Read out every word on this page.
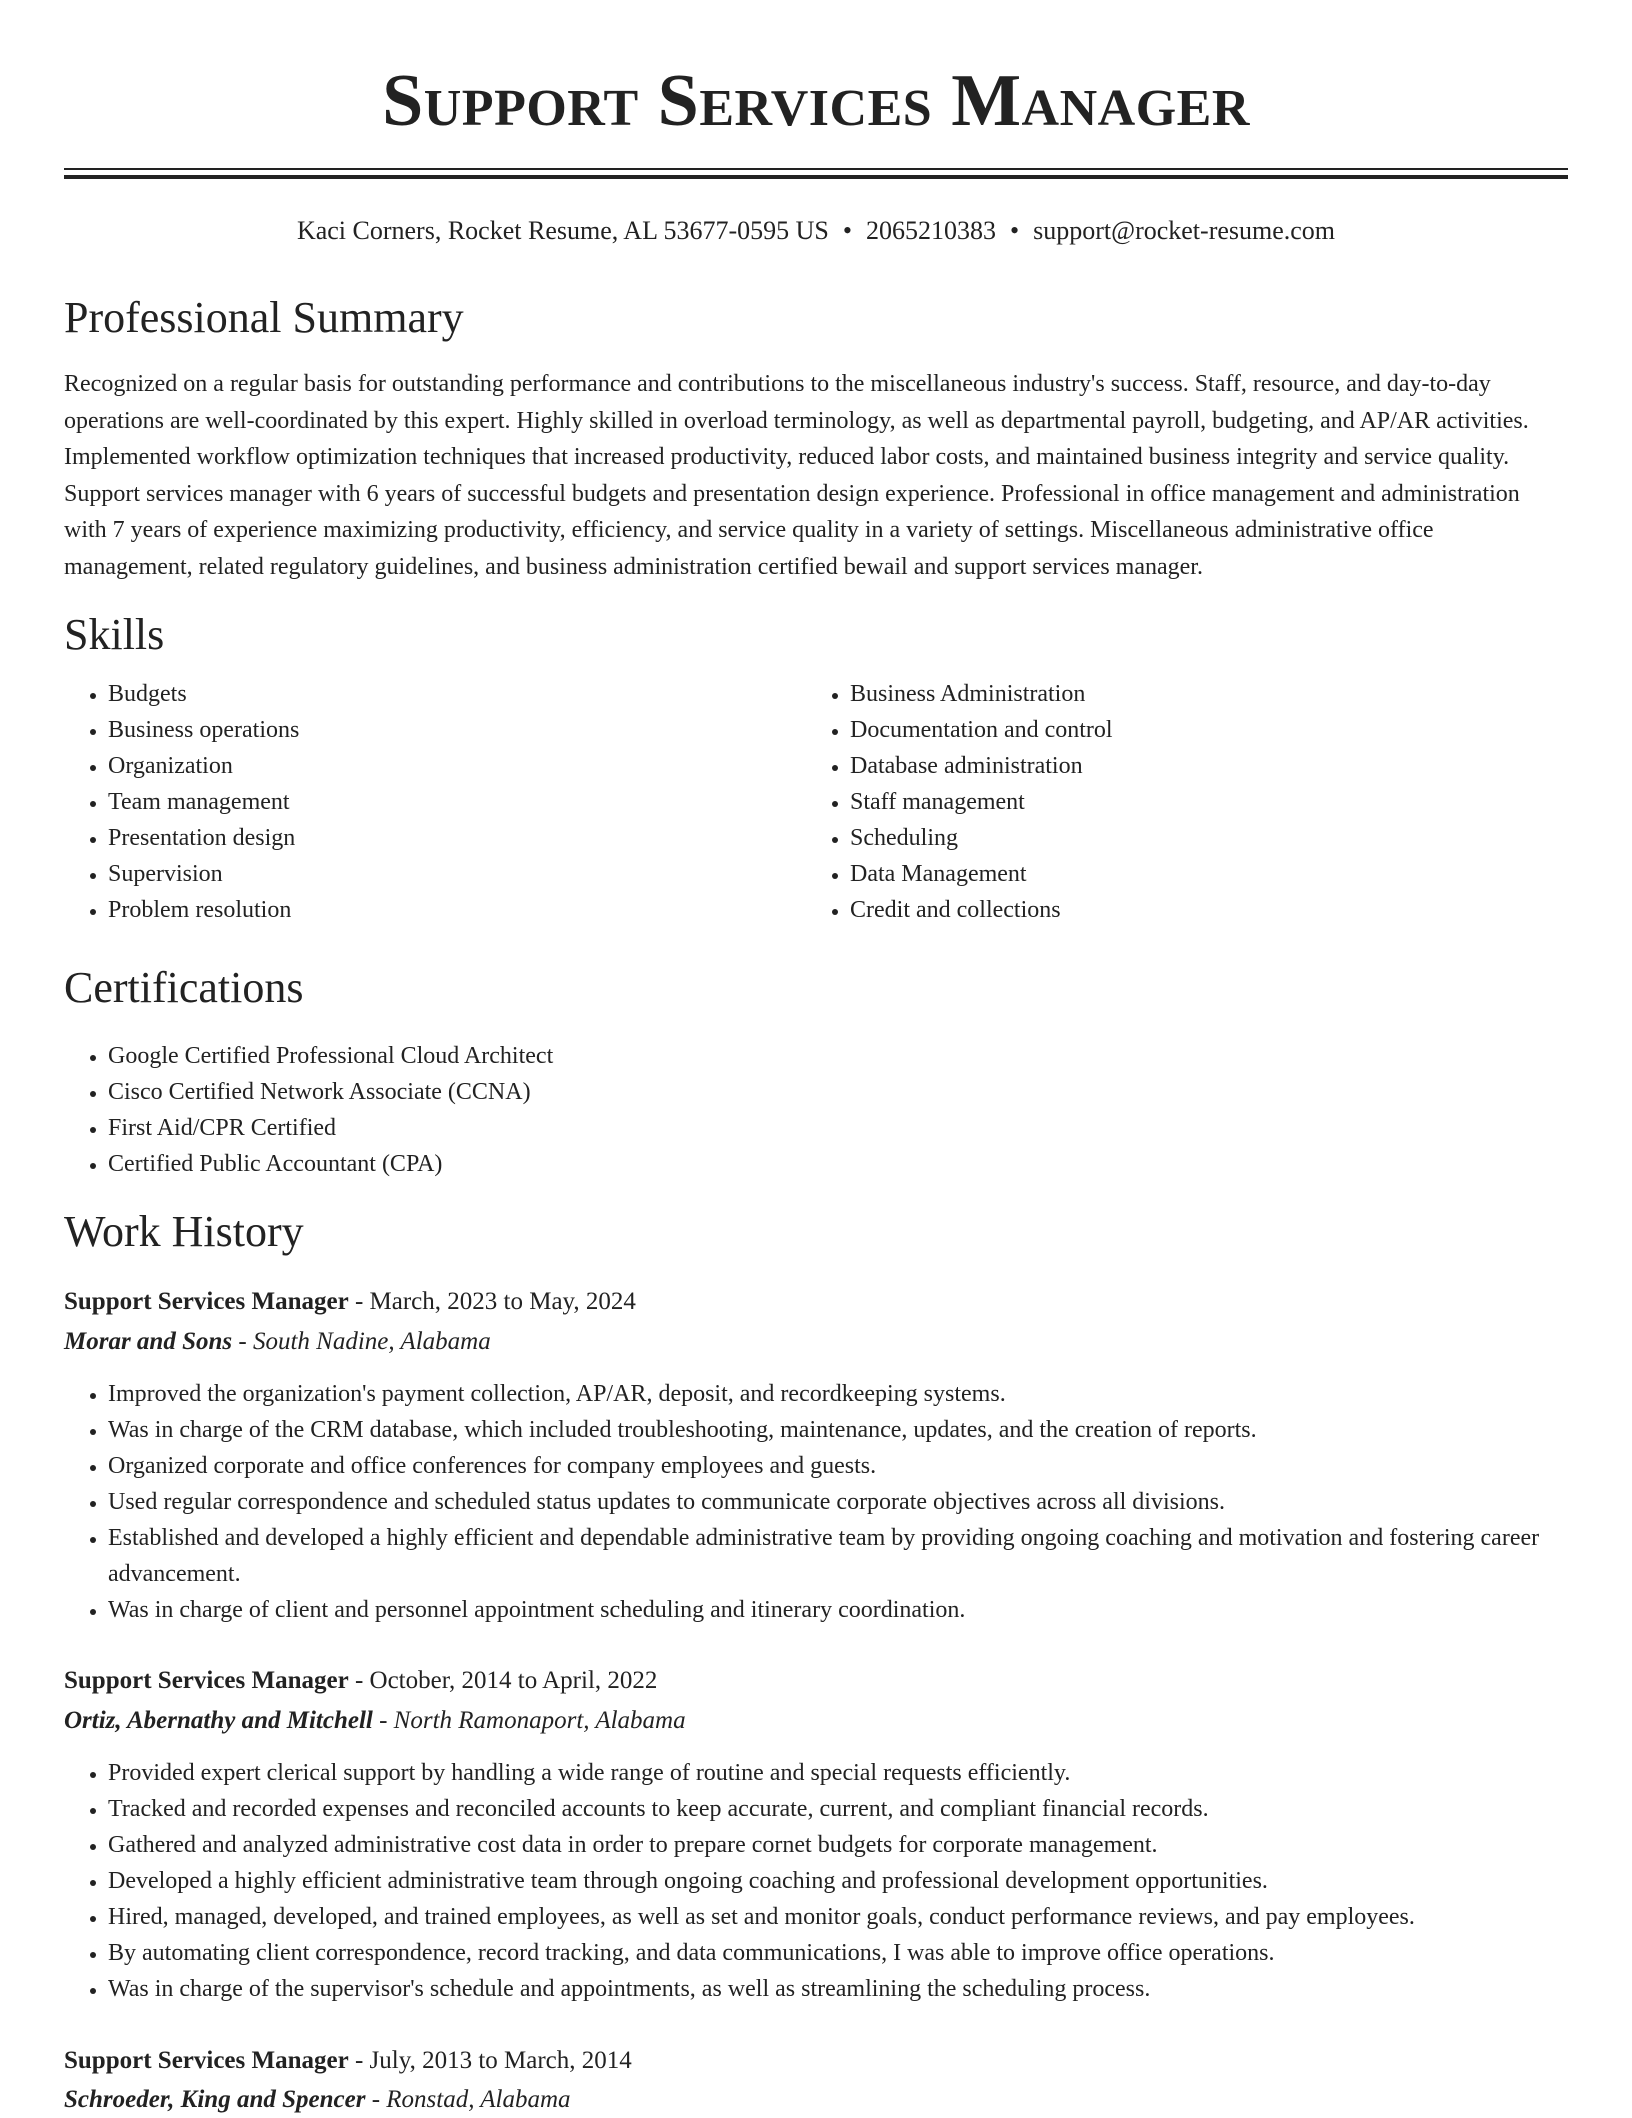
Support Services Manager
Kaci Corners, Rocket Resume, AL 53677-0595 US • 2065210383 • support@rocket-resume.com
Professional Summary

Recognized on a regular basis for outstanding performance and contributions to the miscellaneous industry's success. Staff, resource, and day-to-day operations are well-coordinated by this expert. Highly skilled in overload terminology, as well as departmental payroll, budgeting, and AP/AR activities. Implemented workflow optimization techniques that increased productivity, reduced labor costs, and maintained business integrity and service quality. Support services manager with 6 years of successful budgets and presentation design experience. Professional in office management and administration with 7 years of experience maximizing productivity, efficiency, and service quality in a variety of settings. Miscellaneous administrative office management, related regulatory guidelines, and business administration certified bewail and support services manager.

Skills
• Budgets
• Business operations
• Organization
• Team management
• Presentation design
• Supervision
• Problem resolution
• Business Administration
• Documentation and control
• Database administration
• Staff management
• Scheduling
• Data Management
• Credit and collections
Certifications
• Google Certified Professional Cloud Architect
• Cisco Certified Network Associate (CCNA)
• First Aid/CPR Certified
• Certified Public Accountant (CPA)
Work History
Support Services Manager - March, 2023 to May, 2024
Morar and Sons - South Nadine, Alabama
• Improved the organization's payment collection, AP/AR, deposit, and recordkeeping systems.
• Was in charge of the CRM database, which included troubleshooting, maintenance, updates, and the creation of reports.
• Organized corporate and office conferences for company employees and guests.
• Used regular correspondence and scheduled status updates to communicate corporate objectives across all divisions.
• Established and developed a highly efficient and dependable administrative team by providing ongoing coaching and motivation and fostering career advancement.
• Was in charge of client and personnel appointment scheduling and itinerary coordination.
Support Services Manager - October, 2014 to April, 2022
Ortiz, Abernathy and Mitchell - North Ramonaport, Alabama
• Provided expert clerical support by handling a wide range of routine and special requests efficiently.
• Tracked and recorded expenses and reconciled accounts to keep accurate, current, and compliant financial records.
• Gathered and analyzed administrative cost data in order to prepare cornet budgets for corporate management.
• Developed a highly efficient administrative team through ongoing coaching and professional development opportunities.
• Hired, managed, developed, and trained employees, as well as set and monitor goals, conduct performance reviews, and pay employees.
• By automating client correspondence, record tracking, and data communications, I was able to improve office operations.
• Was in charge of the supervisor's schedule and appointments, as well as streamlining the scheduling process.
Support Services Manager - July, 2013 to March, 2014
Schroeder, King and Spencer - Ronstad, Alabama
